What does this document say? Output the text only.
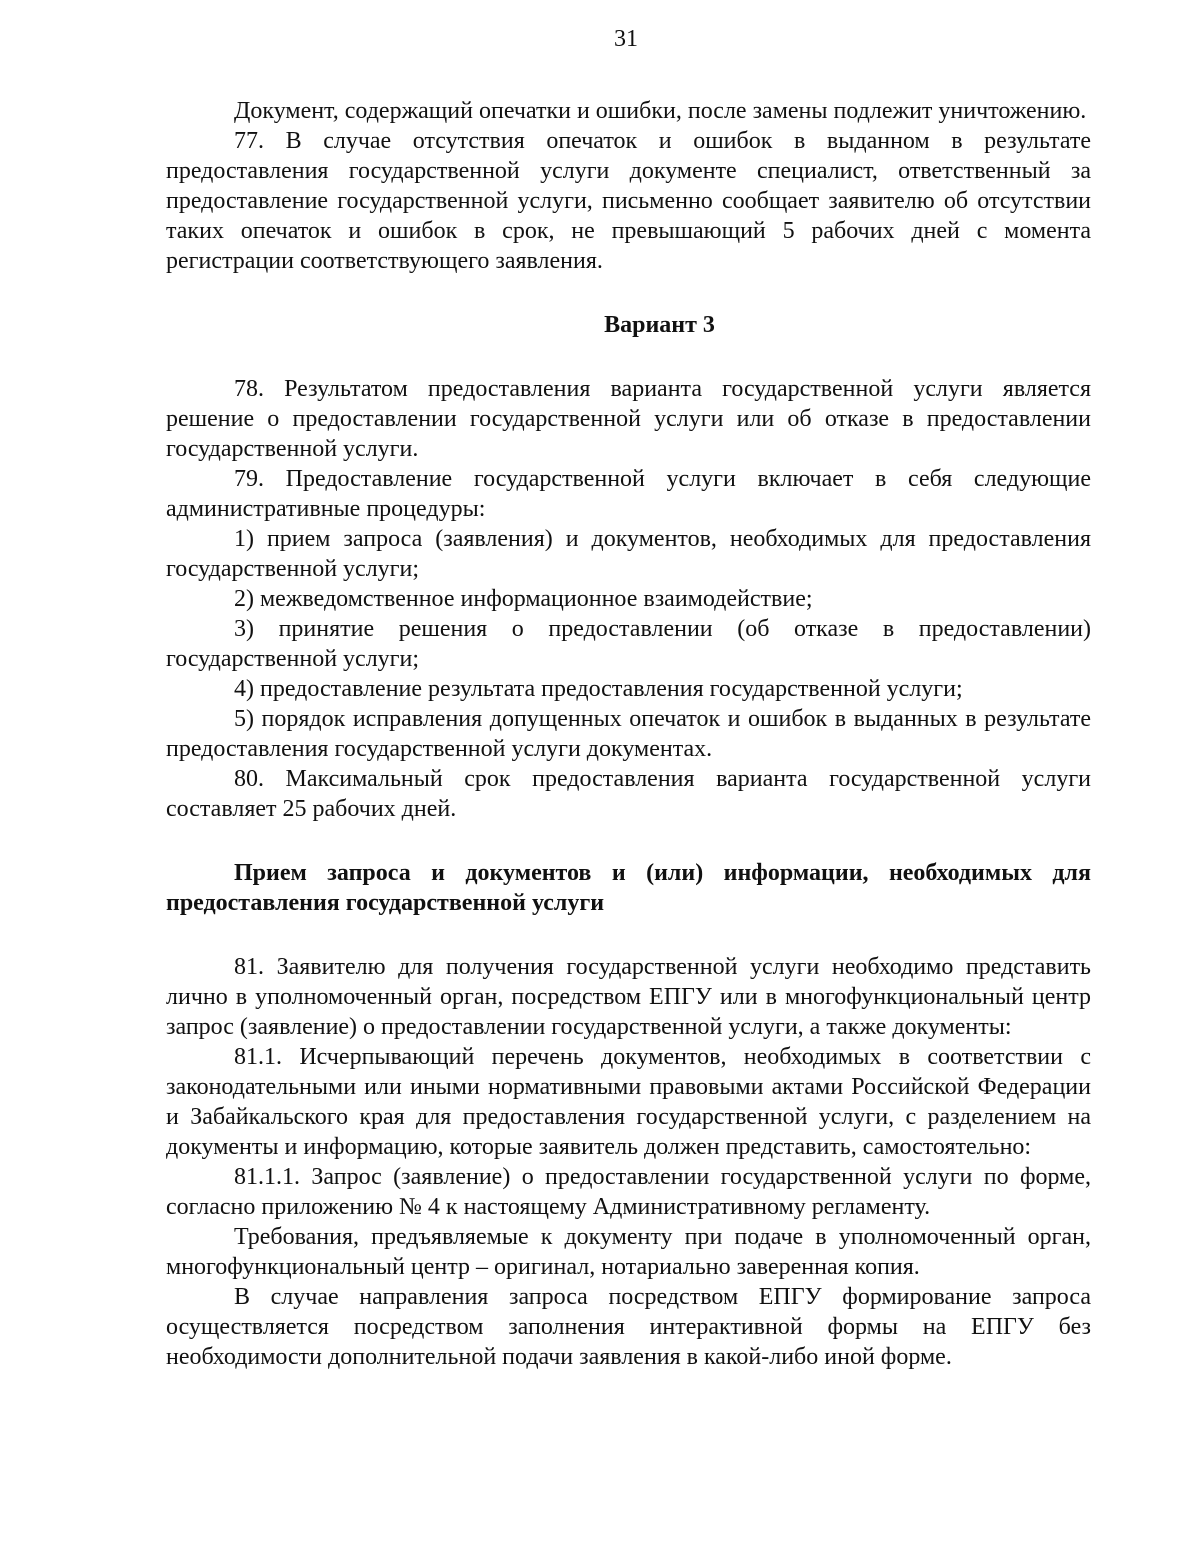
31

Документ, содержащий опечатки и ошибки, после замены подлежит уничтожению.

77. В случае отсутствия опечаток и ошибок в выданном в результате предоставления государственной услуги документе специалист, ответственный за предоставление государственной услуги, письменно сообщает заявителю об отсутствии таких опечаток и ошибок в срок, не превышающий 5 рабочих дней с момента регистрации соответствующего заявления.

Вариант 3

78. Результатом предоставления варианта государственной услуги является решение о предоставлении государственной услуги или об отказе в предоставлении государственной услуги.

79. Предоставление государственной услуги включает в себя следующие административные процедуры:

1) прием запроса (заявления) и документов, необходимых для предоставления государственной услуги;

2) межведомственное информационное взаимодействие;

3) принятие решения о предоставлении (об отказе в предоставлении) государственной услуги;

4) предоставление результата предоставления государственной услуги;

5) порядок исправления допущенных опечаток и ошибок в выданных в результате предоставления государственной услуги документах.

80. Максимальный срок предоставления варианта государственной услуги составляет 25 рабочих дней.

Прием запроса и документов и (или) информации, необходимых для предоставления государственной услуги

81. Заявителю для получения государственной услуги необходимо представить лично в уполномоченный орган, посредством ЕПГУ или в многофункциональный центр запрос (заявление) о предоставлении государственной услуги, а также документы:

81.1. Исчерпывающий перечень документов, необходимых в соответствии с законодательными или иными нормативными правовыми актами Российской Федерации и Забайкальского края для предоставления государственной услуги, с разделением на документы и информацию, которые заявитель должен представить, самостоятельно:

81.1.1. Запрос (заявление) о предоставлении государственной услуги по форме, согласно приложению № 4 к настоящему Административному регламенту.

Требования, предъявляемые к документу при подаче в уполномоченный орган, многофункциональный центр – оригинал, нотариально заверенная копия.

В случае направления запроса посредством ЕПГУ формирование запроса осуществляется посредством заполнения интерактивной формы на ЕПГУ без необходимости дополнительной подачи заявления в какой-либо иной форме.
